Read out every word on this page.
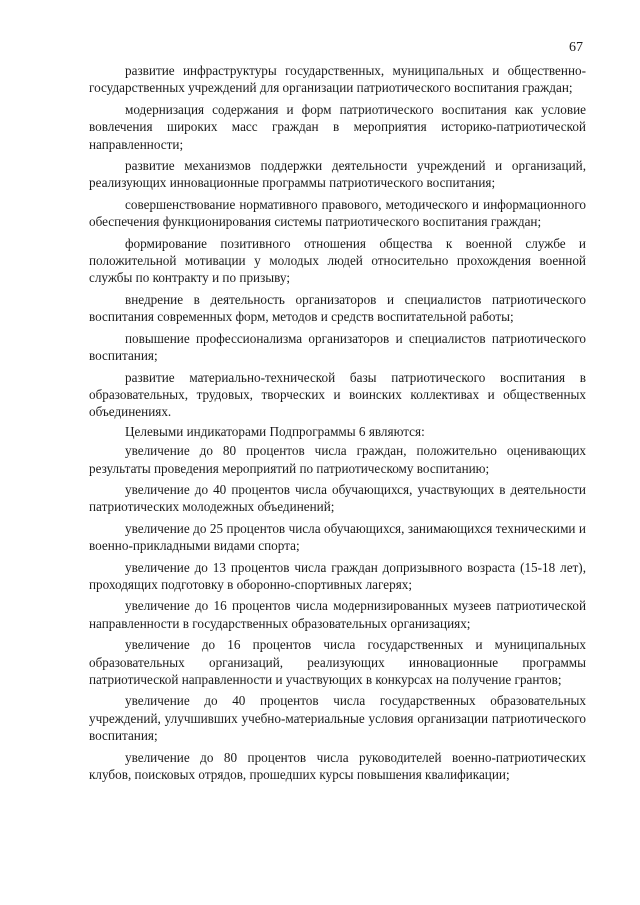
67

развитие инфраструктуры государственных, муниципальных и общественно-государственных учреждений для организации патриотического воспитания граждан;

модернизация содержания и форм патриотического воспитания как условие вовлечения широких масс граждан в мероприятия историко-патриотической направленности;

развитие механизмов поддержки деятельности учреждений и организаций, реализующих инновационные программы патриотического воспитания;

совершенствование нормативного правового, методического и информационного обеспечения функционирования системы патриотического воспитания граждан;

формирование позитивного отношения общества к военной службе и положительной мотивации у молодых людей относительно прохождения военной службы по контракту и по призыву;

внедрение в деятельность организаторов и специалистов патриотического воспитания современных форм, методов и средств воспитательной работы;

повышение профессионализма организаторов и специалистов патриотического воспитания;

развитие материально-технической базы патриотического воспитания в образовательных, трудовых, творческих и воинских коллективах и общественных объединениях.

Целевыми индикаторами Подпрограммы 6 являются:

увеличение до 80 процентов числа граждан, положительно оценивающих результаты проведения мероприятий по патриотическому воспитанию;

увеличение до 40 процентов числа обучающихся, участвующих в деятельности патриотических молодежных объединений;

увеличение до 25 процентов числа обучающихся, занимающихся техническими и военно-прикладными видами спорта;

увеличение до 13 процентов числа граждан допризывного возраста (15-18 лет), проходящих подготовку в оборонно-спортивных лагерях;

увеличение до 16 процентов числа модернизированных музеев патриотической направленности в государственных образовательных организациях;

увеличение до 16 процентов числа государственных и муниципальных образовательных организаций, реализующих инновационные программы патриотической направленности и участвующих в конкурсах на получение грантов;

увеличение до 40 процентов числа государственных образовательных учреждений, улучшивших учебно-материальные условия организации патриотического воспитания;

увеличение до 80 процентов числа руководителей военно-патриотических клубов, поисковых отрядов, прошедших курсы повышения квалификации;
